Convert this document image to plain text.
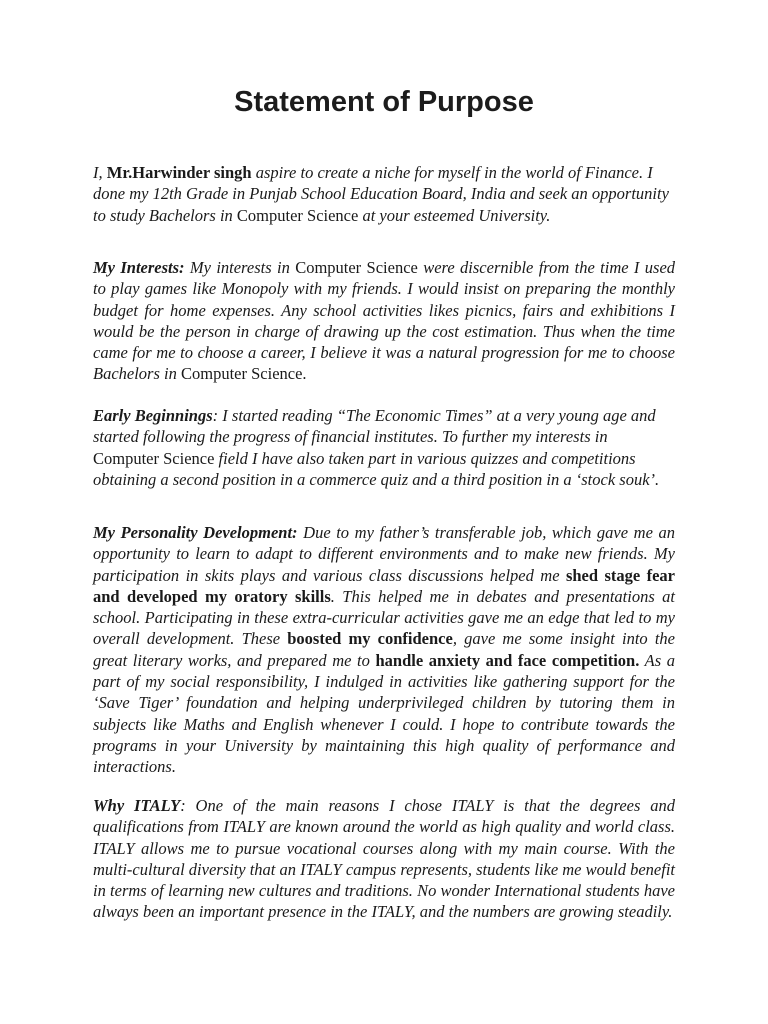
Statement of Purpose

I, Mr.Harwinder singh aspire to create a niche for myself in the world of Finance. I done my 12th Grade in Punjab School Education Board, India and seek an opportunity to study Bachelors in Computer Science at your esteemed University.

My Interests: My interests in Computer Science were discernible from the time I used to play games like Monopoly with my friends. I would insist on preparing the monthly budget for home expenses. Any school activities likes picnics, fairs and exhibitions I would be the person in charge of drawing up the cost estimation. Thus when the time came for me to choose a career, I believe it was a natural progression for me to choose Bachelors in Computer Science.

Early Beginnings: I started reading “The Economic Times” at a very young age and started following the progress of financial institutes. To further my interests in Computer Science field I have also taken part in various quizzes and competitions obtaining a second position in a commerce quiz and a third position in a ‘stock souk’.

My Personality Development: Due to my father’s transferable job, which gave me an opportunity to learn to adapt to different environments and to make new friends. My participation in skits plays and various class discussions helped me shed stage fear and developed my oratory skills. This helped me in debates and presentations at school. Participating in these extra-curricular activities gave me an edge that led to my overall development. These boosted my confidence, gave me some insight into the great literary works, and prepared me to handle anxiety and face competition. As a part of my social responsibility, I indulged in activities like gathering support for the ‘Save Tiger’ foundation and helping underprivileged children by tutoring them in subjects like Maths and English whenever I could. I hope to contribute towards the programs in your University by maintaining this high quality of performance and interactions.

Why ITALY: One of the main reasons I chose ITALY is that the degrees and qualifications from ITALY are known around the world as high quality and world class. ITALY allows me to pursue vocational courses along with my main course. With the multi-cultural diversity that an ITALY campus represents, students like me would benefit in terms of learning new cultures and traditions. No wonder International students have always been an important presence in the ITALY, and the numbers are growing steadily.
